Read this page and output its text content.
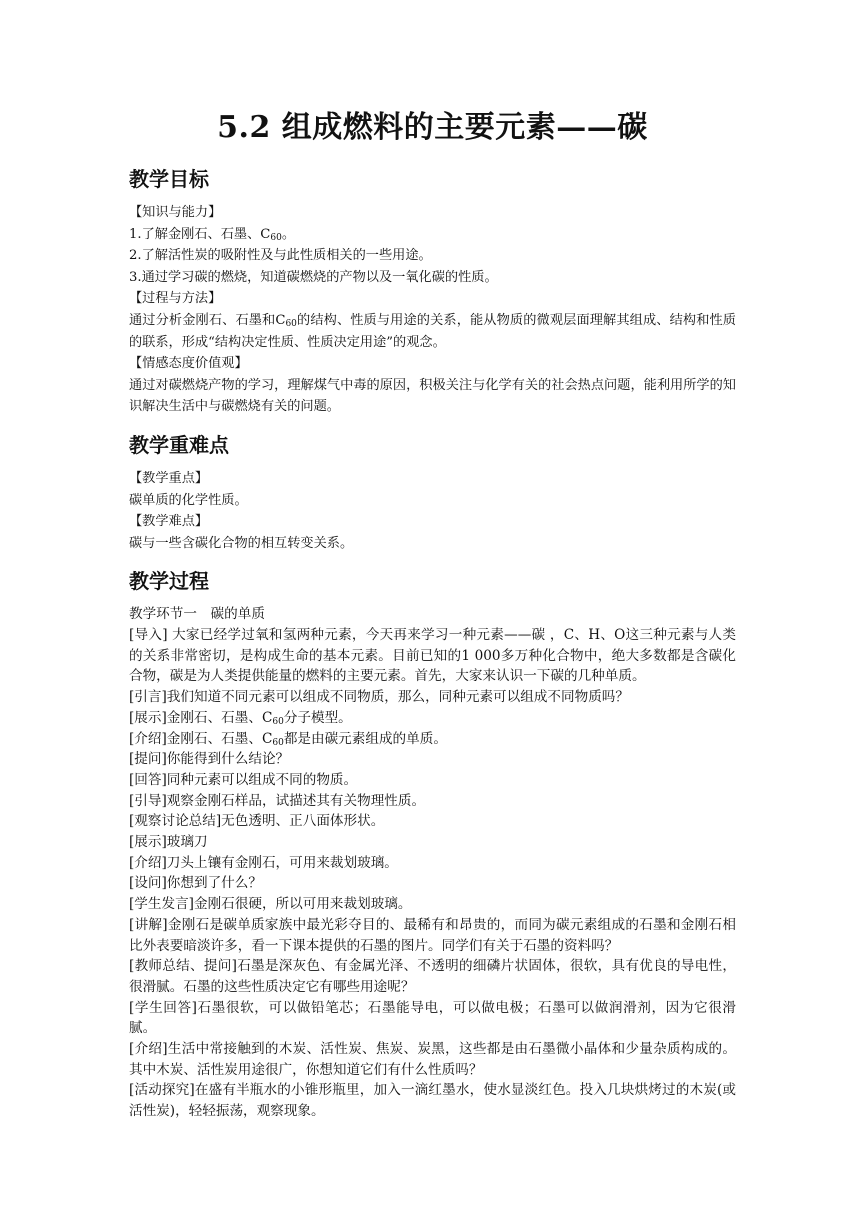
5.2 组成燃料的主要元素——碳
教学目标

【知识与能力】

1.了解金刚石、石墨、$C_{60}$。

2.了解活性炭的吸附性及与此性质相关的一些用途。

3.通过学习碳的燃烧，知道碳燃烧的产物以及一氧化碳的性质。

【过程与方法】

通过分析金刚石、石墨和$C_{60}$的结构、性质与用途的关系，能从物质的微观层面理解其组成、结构和性质的联系，形成“结构决定性质、性质决定用途”的观念。

【情感态度价值观】

通过对碳燃烧产物的学习，理解煤气中毒的原因，积极关注与化学有关的社会热点问题，能利用所学的知识解决生活中与碳燃烧有关的问题。

教学重难点

【教学重点】

碳单质的化学性质。

【教学难点】

碳与一些含碳化合物的相互转变关系。

教学过程

教学环节一　碳的单质

[导入] 大家已经学过氧和氢两种元素，今天再来学习一种元素——碳 ，C、H、O这三种元素与人类的关系非常密切，是构成生命的基本元素。目前已知的1 000多万种化合物中，绝大多数都是含碳化合物，碳是为人类提供能量的燃料的主要元素。首先，大家来认识一下碳的几种单质。

[引言]我们知道不同元素可以组成不同物质，那么，同种元素可以组成不同物质吗？

[展示]金刚石、石墨、$C_{60}$分子模型。

[介绍]金刚石、石墨、$C_{60}$都是由碳元素组成的单质。

[提问]你能得到什么结论？

[回答]同种元素可以组成不同的物质。

[引导]观察金刚石样品，试描述其有关物理性质。

[观察讨论总结]无色透明、正八面体形状。

[展示]玻璃刀

[介绍]刀头上镶有金刚石，可用来裁划玻璃。

[设问]你想到了什么？

[学生发言]金刚石很硬，所以可用来裁划玻璃。

[讲解]金刚石是碳单质家族中最光彩夺目的、最稀有和昂贵的，而同为碳元素组成的石墨和金刚石相比外表要暗淡许多，看一下课本提供的石墨的图片。同学们有关于石墨的资料吗？

[教师总结、提问]石墨是深灰色、有金属光泽、不透明的细磷片状固体，很软，具有优良的导电性，很滑腻。石墨的这些性质决定它有哪些用途呢？

[学生回答]石墨很软，可以做铅笔芯；石墨能导电，可以做电极；石墨可以做润滑剂，因为它很滑腻。

[介绍]生活中常接触到的木炭、活性炭、焦炭、炭黑，这些都是由石墨微小晶体和少量杂质构成的。其中木炭、活性炭用途很广，你想知道它们有什么性质吗？

[活动探究]在盛有半瓶水的小锥形瓶里，加入一滴红墨水，使水显淡红色。投入几块烘烤过的木炭(或活性炭)，轻轻振荡，观察现象。
